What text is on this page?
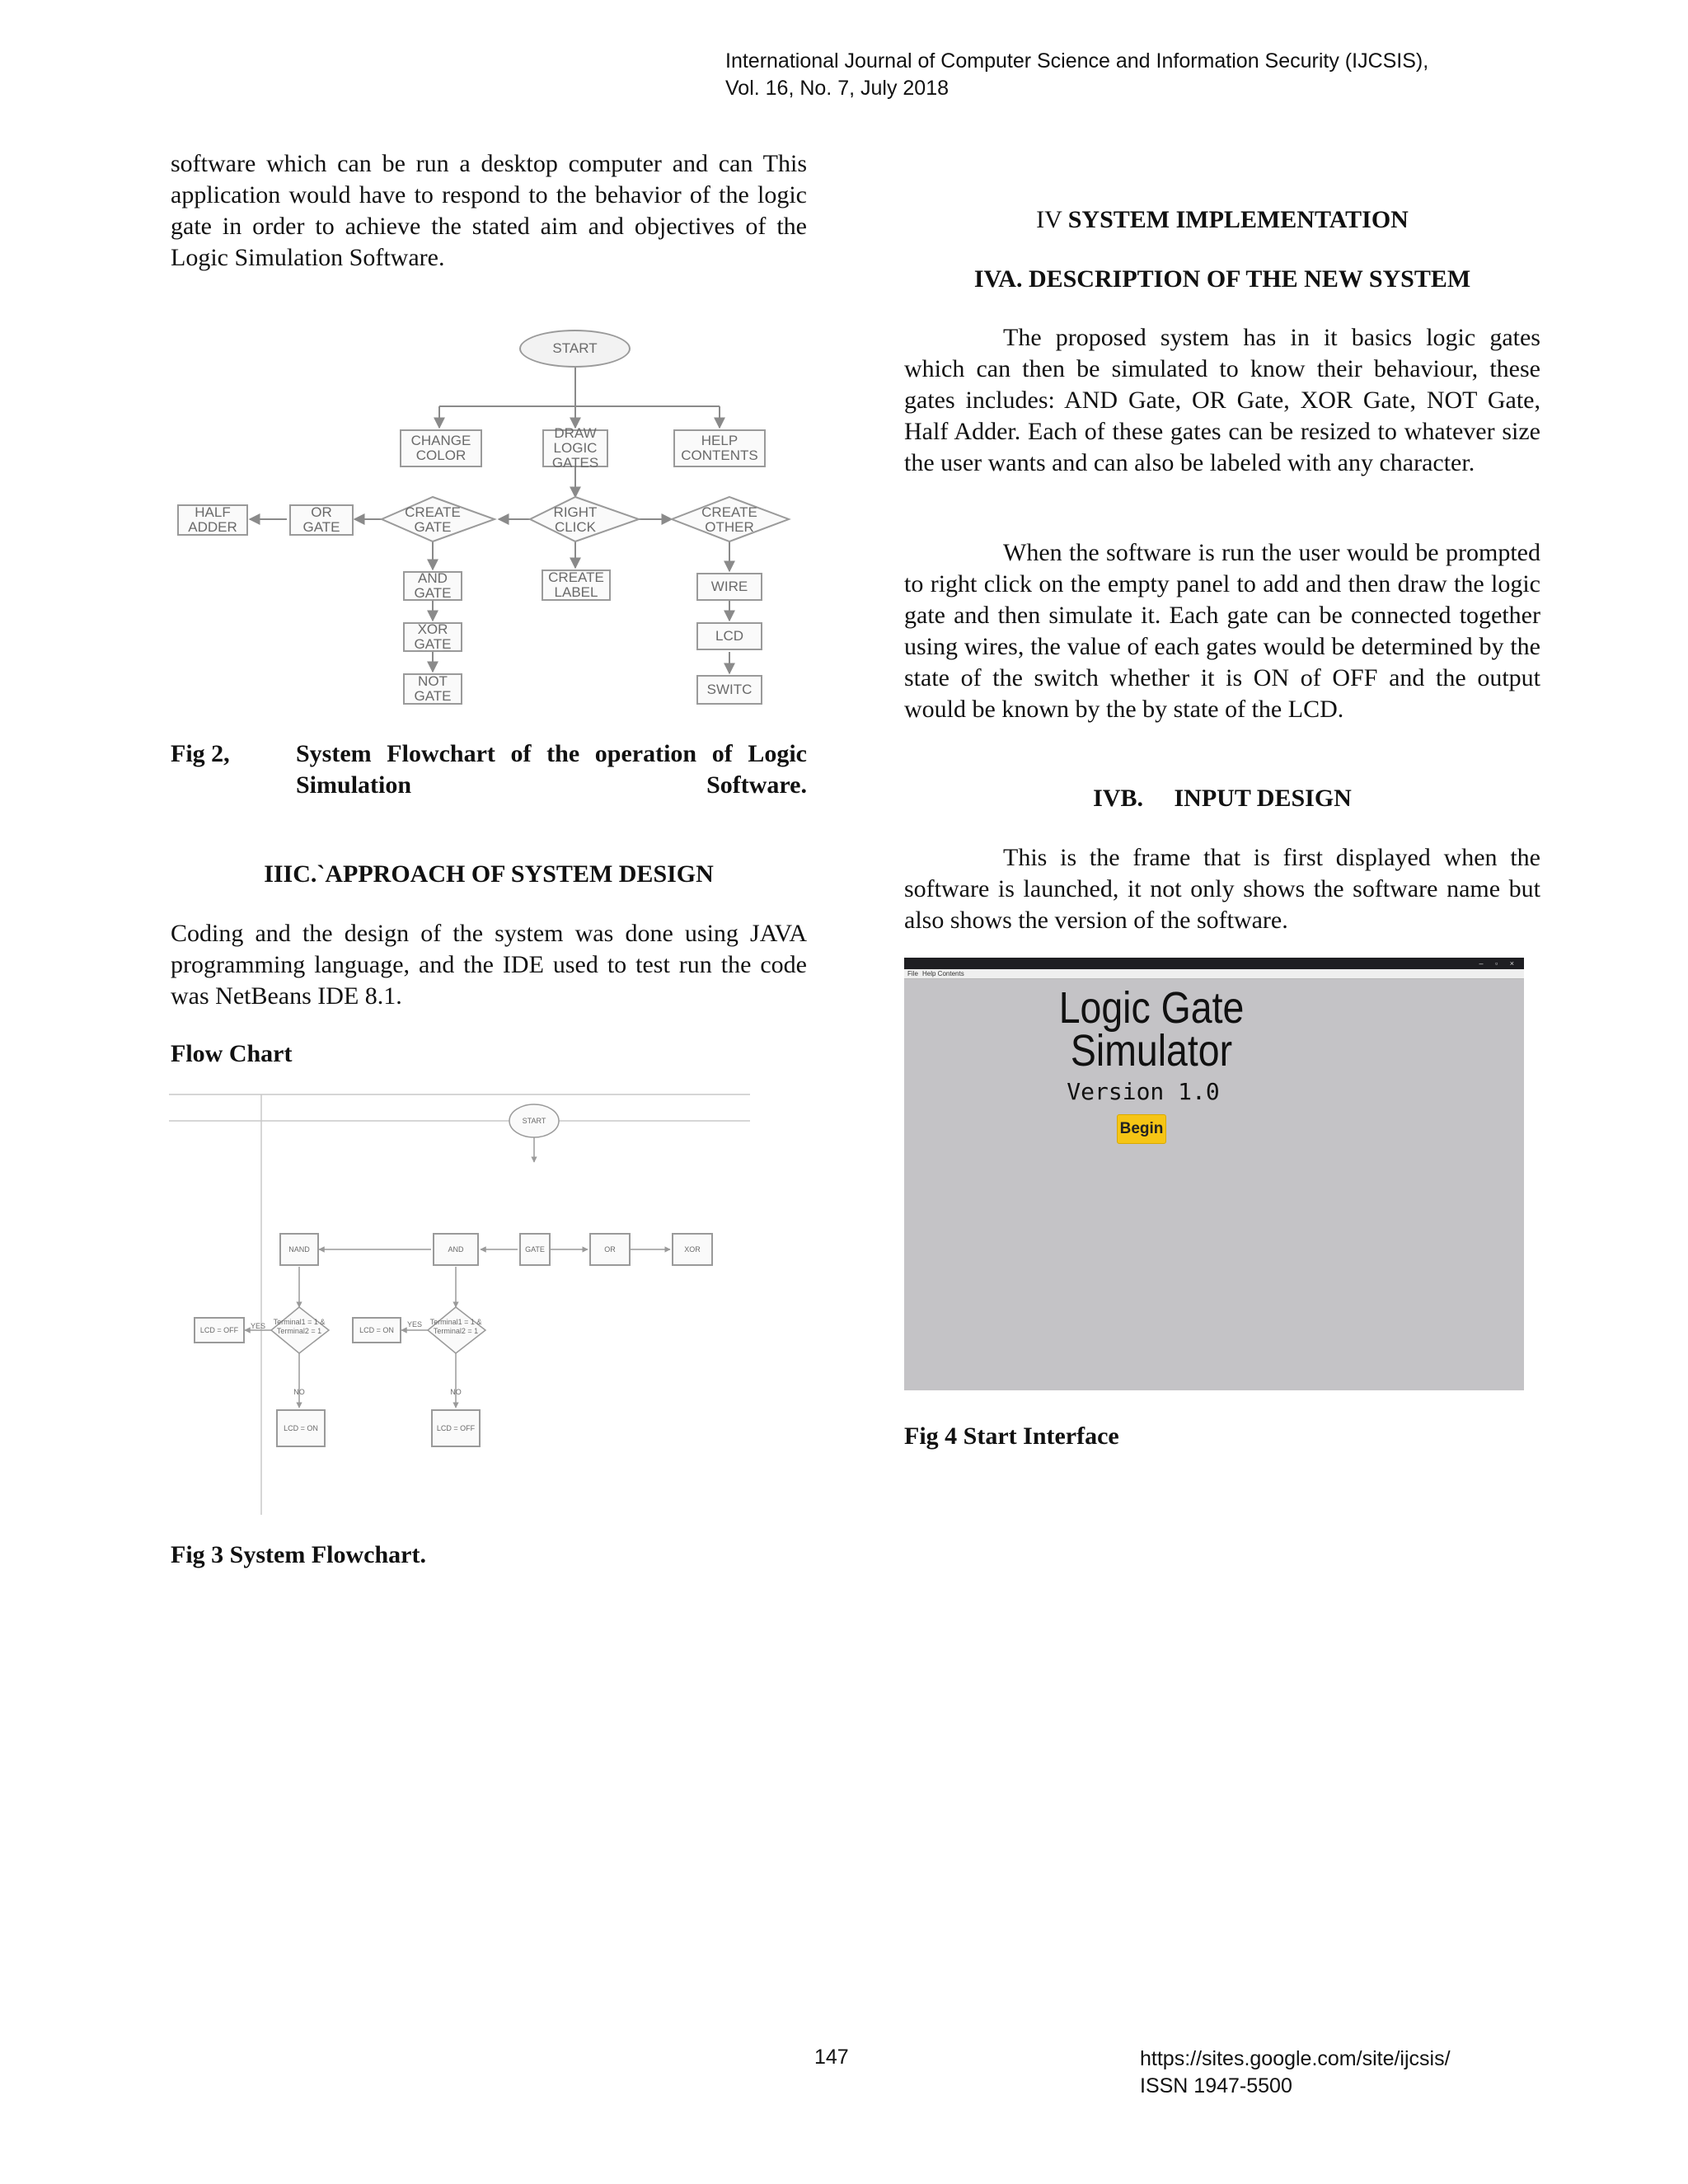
International Journal of Computer Science and Information Security (IJCSIS),
Vol. 16, No. 7, July 2018

software which can be run a desktop computer and can This application would have to respond to the behavior of the logic gate in order to achieve the stated aim and objectives of the Logic Simulation Software.

START
CHANGE COLOR
DRAW LOGIC GATES
HELP CONTENTS
HALF ADDER
OR GATE
CREATE GATE
RIGHT CLICK
CREATE OTHER
AND GATE
CREATE LABEL	WIRE
XOR GATE
LCD
NOT GATE	SWITC
Fig 2,	System Flowchart of the operation of Logic Simulation Software.
IIIC.`APPROACH OF SYSTEM DESIGN

Coding and the design of the system was done using JAVA programming language, and the IDE used to test run the code was NetBeans IDE 8.1.

Flow Chart
START
NAND	AND	GATE	OR	XOR
Terminal1 = 1 & Terminal2 = 1
Terminal1 = 1 & Terminal2 = 1
LCD = OFF	LCD = ON
YES	YES
NO	NO
LCD = ON	LCD = OFF
Fig 3 System Flowchart.
IV SYSTEM IMPLEMENTATION
IVA. DESCRIPTION OF THE NEW SYSTEM

The proposed system has in it basics logic gates which can then be simulated to know their behaviour, these gates includes: AND Gate, OR Gate, XOR Gate, NOT Gate, Half Adder. Each of these gates can be resized to whatever size the user wants and can also be labeled with any character.

When the software is run the user would be prompted to right click on the empty panel to add and then draw the logic gate and then simulate it. Each gate can be connected together using wires, the value of each gates would be determined by the state of the switch whether it is ON of OFF and the output would be known by the by state of the LCD.

IVB.     INPUT DESIGN

This is the frame that is first displayed when the software is launched, it not only shows the software name but also shows the version of the software.

– ▫ ×
File Help Contents
Logic Gate
Simulator
Version 1.0
Begin
Fig 4 Start Interface
147	https://sites.google.com/site/ijcsis/
ISSN 1947-5500
